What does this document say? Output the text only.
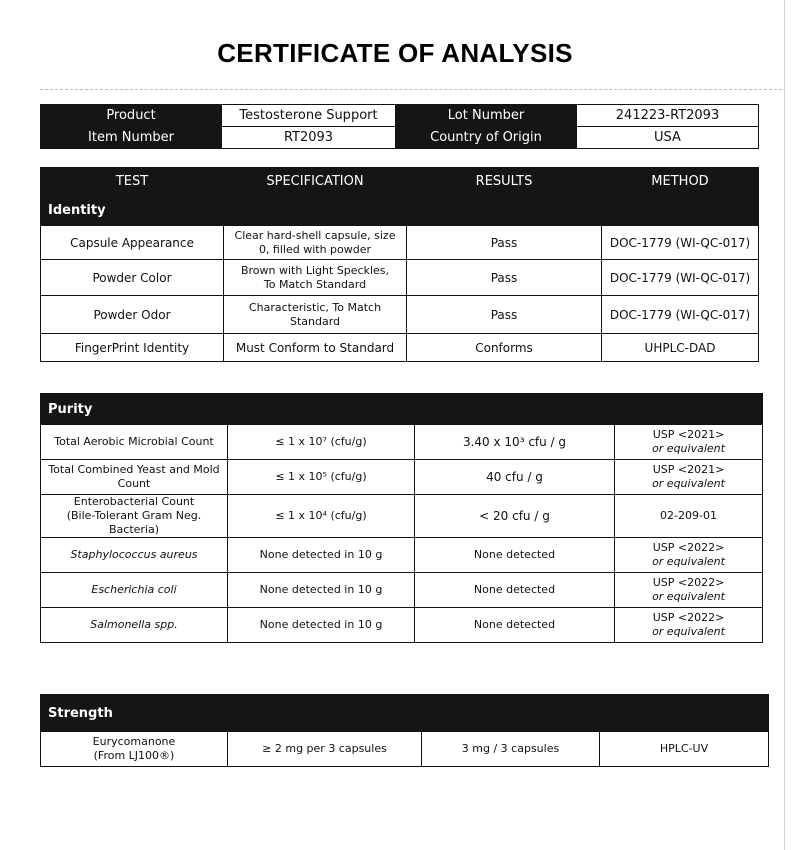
CERTIFICATE OF ANALYSIS
Product	Testosterone Support	Lot Number	241223-RT2093
Item Number	RT2093	Country of Origin	USA
TEST	SPECIFICATION	RESULTS	METHOD
Identity			
Capsule Appearance	Clear hard-shell capsule, size
0, filled with powder	Pass	DOC-1779 (WI-QC-017)
Powder Color	Brown with Light Speckles,
To Match Standard	Pass	DOC-1779 (WI-QC-017)
Powder Odor	Characteristic, To Match
Standard	Pass	DOC-1779 (WI-QC-017)
FingerPrint Identity	Must Conform to Standard	Conforms	UHPLC-DAD
Purity			
Total Aerobic Microbial Count	≤ 1 x 10⁷ (cfu/g)	3.40 x 10³ cfu / g	USP <2021>
or equivalent

Total Combined Yeast and Mold
Count	≤ 1 x 10⁵ (cfu/g)	40 cfu / g	USP <2021>
or equivalent

Enterobacterial Count
(Bile-Tolerant Gram Neg. Bacteria)	≤ 1 x 10⁴ (cfu/g)	< 20 cfu / g	02-209-01
Staphylococcus aureus	None detected in 10 g	None detected	USP <2022>
or equivalent

Escherichia coli	None detected in 10 g	None detected	USP <2022>
or equivalent

Salmonella spp.	None detected in 10 g	None detected	USP <2022>
or equivalent
Strength

Eurycomanone
(From LJ100®)
	≥ 2 mg per 3 capsules	3 mg / 3 capsules	HPLC-UV
